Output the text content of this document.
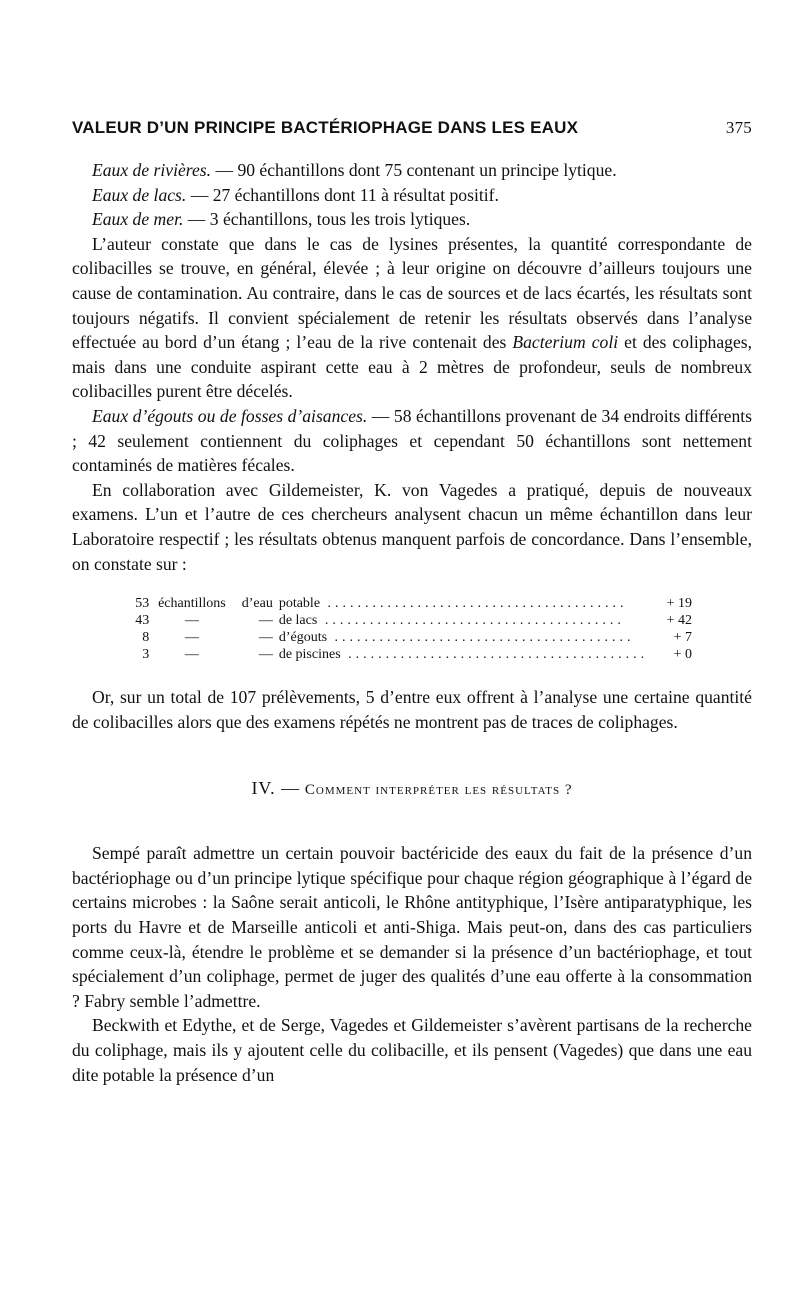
VALEUR D’UN PRINCIPE BACTÉRIOPHAGE DANS LES EAUX	375

Eaux de rivières. — 90 échantillons dont 75 contenant un principe lytique.

Eaux de lacs. — 27 échantillons dont 11 à résultat positif.

Eaux de mer. — 3 échantillons, tous les trois lytiques.

L’auteur constate que dans le cas de lysines présentes, la quantité correspondante de colibacilles se trouve, en général, élevée ; à leur origine on découvre d’ailleurs toujours une cause de contamination. Au contraire, dans le cas de sources et de lacs écartés, les résultats sont toujours négatifs. Il convient spécialement de retenir les résultats observés dans l’analyse effectuée au bord d’un étang ; l’eau de la rive contenait des Bacterium coli et des coliphages, mais dans une conduite aspirant cette eau à 2 mètres de profondeur, seuls de nombreux colibacilles purent être décelés.

Eaux d’égouts ou de fosses d’aisances. — 58 échantillons provenant de 34 endroits différents ; 42 seulement contiennent du coliphages et cependant 50 échantillons sont nettement contaminés de matières fécales.

En collaboration avec Gildemeister, K. von Vagedes a pratiqué, depuis de nouveaux examens. L’un et l’autre de ces chercheurs analysent chacun un même échantillon dans leur Laboratoire respectif ; les résultats obtenus manquent parfois de concordance. Dans l’ensemble, on constate sur :

53	échantillons	d’eau	potable ........................................	+ 19
43	—	—	de lacs ........................................	+ 42
8	—	—	d’égouts ........................................	+ 7
3	—	—	de piscines ........................................	+ 0

Or, sur un total de 107 prélèvements, 5 d’entre eux offrent à l’analyse une certaine quantité de colibacilles alors que des examens répétés ne montrent pas de traces de coliphages.

IV. — Comment interpréter les résultats ?

Sempé paraît admettre un certain pouvoir bactéricide des eaux du fait de la présence d’un bactériophage ou d’un principe lytique spécifique pour chaque région géographique à l’égard de certains microbes : la Saône serait anticoli, le Rhône antityphique, l’Isère antiparatyphique, les ports du Havre et de Marseille anticoli et anti-Shiga. Mais peut-on, dans des cas particuliers comme ceux-là, étendre le problème et se demander si la présence d’un bactériophage, et tout spécialement d’un coliphage, permet de juger des qualités d’une eau offerte à la consommation ? Fabry semble l’admettre.

Beckwith et Edythe, et de Serge, Vagedes et Gildemeister s’avèrent partisans de la recherche du coliphage, mais ils y ajoutent celle du colibacille, et ils pensent (Vagedes) que dans une eau dite potable la présence d’un
